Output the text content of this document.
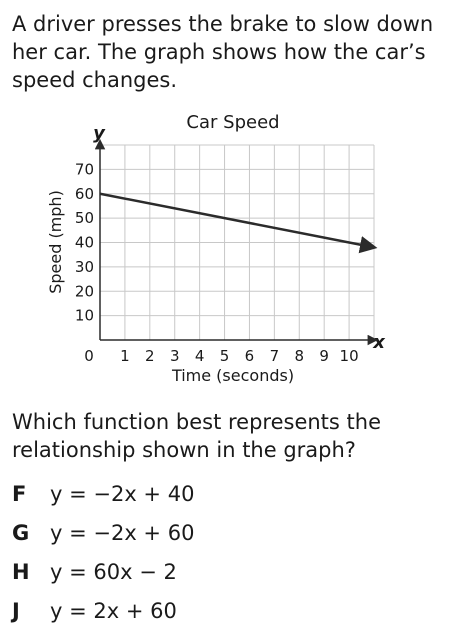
A driver presses the brake to slow down her car. The graph shows how the car’s speed changes.

Car Speed
y
x
0 1 2 3 4 5 6 7 8 9 10
10
20
30
40
50
60
70
Time (seconds)
Speed (mph)

Which function best represents the relationship shown in the graph?

F y = −2x + 40
G y = −2x + 60
H y = 60x − 2
J y = 2x + 60
